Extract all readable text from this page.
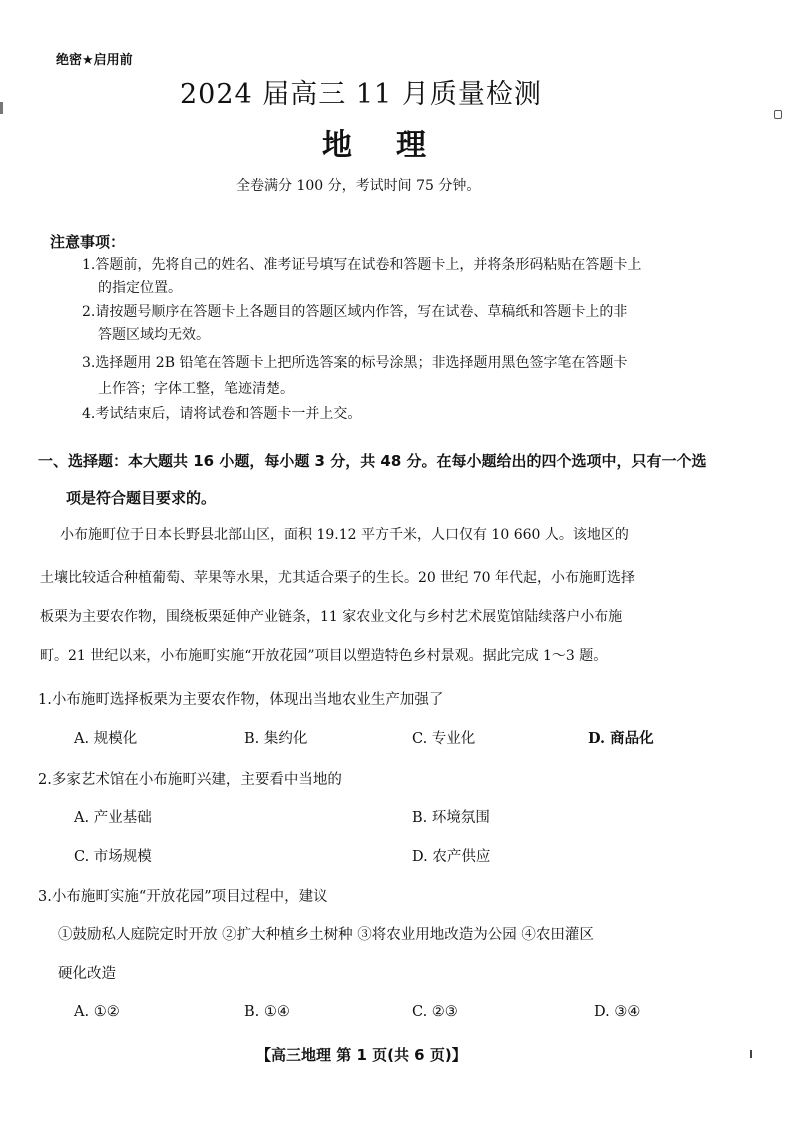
绝密★启用前
2024 届高三 11 月质量检测
地理
全卷满分 100 分，考试时间 75 分钟。
注意事项：
1.答题前，先将自己的姓名、准考证号填写在试卷和答题卡上，并将条形码粘贴在答题卡上
的指定位置。
2.请按题号顺序在答题卡上各题目的答题区域内作答，写在试卷、草稿纸和答题卡上的非
答题区域均无效。
3.选择题用 2B 铅笔在答题卡上把所选答案的标号涂黑；非选择题用黑色签字笔在答题卡
上作答；字体工整，笔迹清楚。
4.考试结束后，请将试卷和答题卡一并上交。
一、选择题：本大题共 16 小题，每小题 3 分，共 48 分。在每小题给出的四个选项中，只有一个选
项是符合题目要求的。
小布施町位于日本长野县北部山区，面积 19.12 平方千米，人口仅有 10 660 人。该地区的
土壤比较适合种植葡萄、苹果等水果，尤其适合栗子的生长。20 世纪 70 年代起，小布施町选择
板栗为主要农作物，围绕板栗延伸产业链条，11 家农业文化与乡村艺术展览馆陆续落户小布施
町。21 世纪以来，小布施町实施“开放花园”项目以塑造特色乡村景观。据此完成 1～3 题。
1.小布施町选择板栗为主要农作物，体现出当地农业生产加强了
A. 规模化	B. 集约化	C. 专业化	D. 商品化
2.多家艺术馆在小布施町兴建，主要看中当地的
A. 产业基础	B. 环境氛围
C. 市场规模	D. 农产供应
3.小布施町实施“开放花园”项目过程中，建议
①鼓励私人庭院定时开放 ②扩大种植乡土树种 ③将农业用地改造为公园 ④农田灌区
硬化改造
A. ①②	B. ①④	C. ②③	D. ③④
【高三地理 第 1 页(共 6 页)】
